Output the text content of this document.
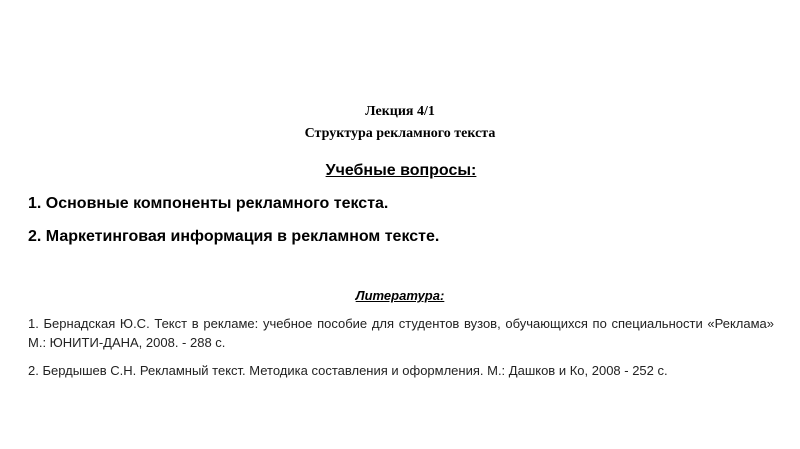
Лекция 4/1

Структура рекламного текста

Учебные вопросы:

1. Основные компоненты рекламного текста.

2. Маркетинговая информация в рекламном тексте.

Литература:

1. Бернадская Ю.С. Текст в рекламе: учебное пособие для студентов вузов, обучающихся по специальности «Реклама» М.: ЮНИТИ-ДАНА, 2008. - 288 с.

2. Бердышев С.Н. Рекламный текст. Методика составления и оформления. М.: Дашков и Ко, 2008 - 252 с.
